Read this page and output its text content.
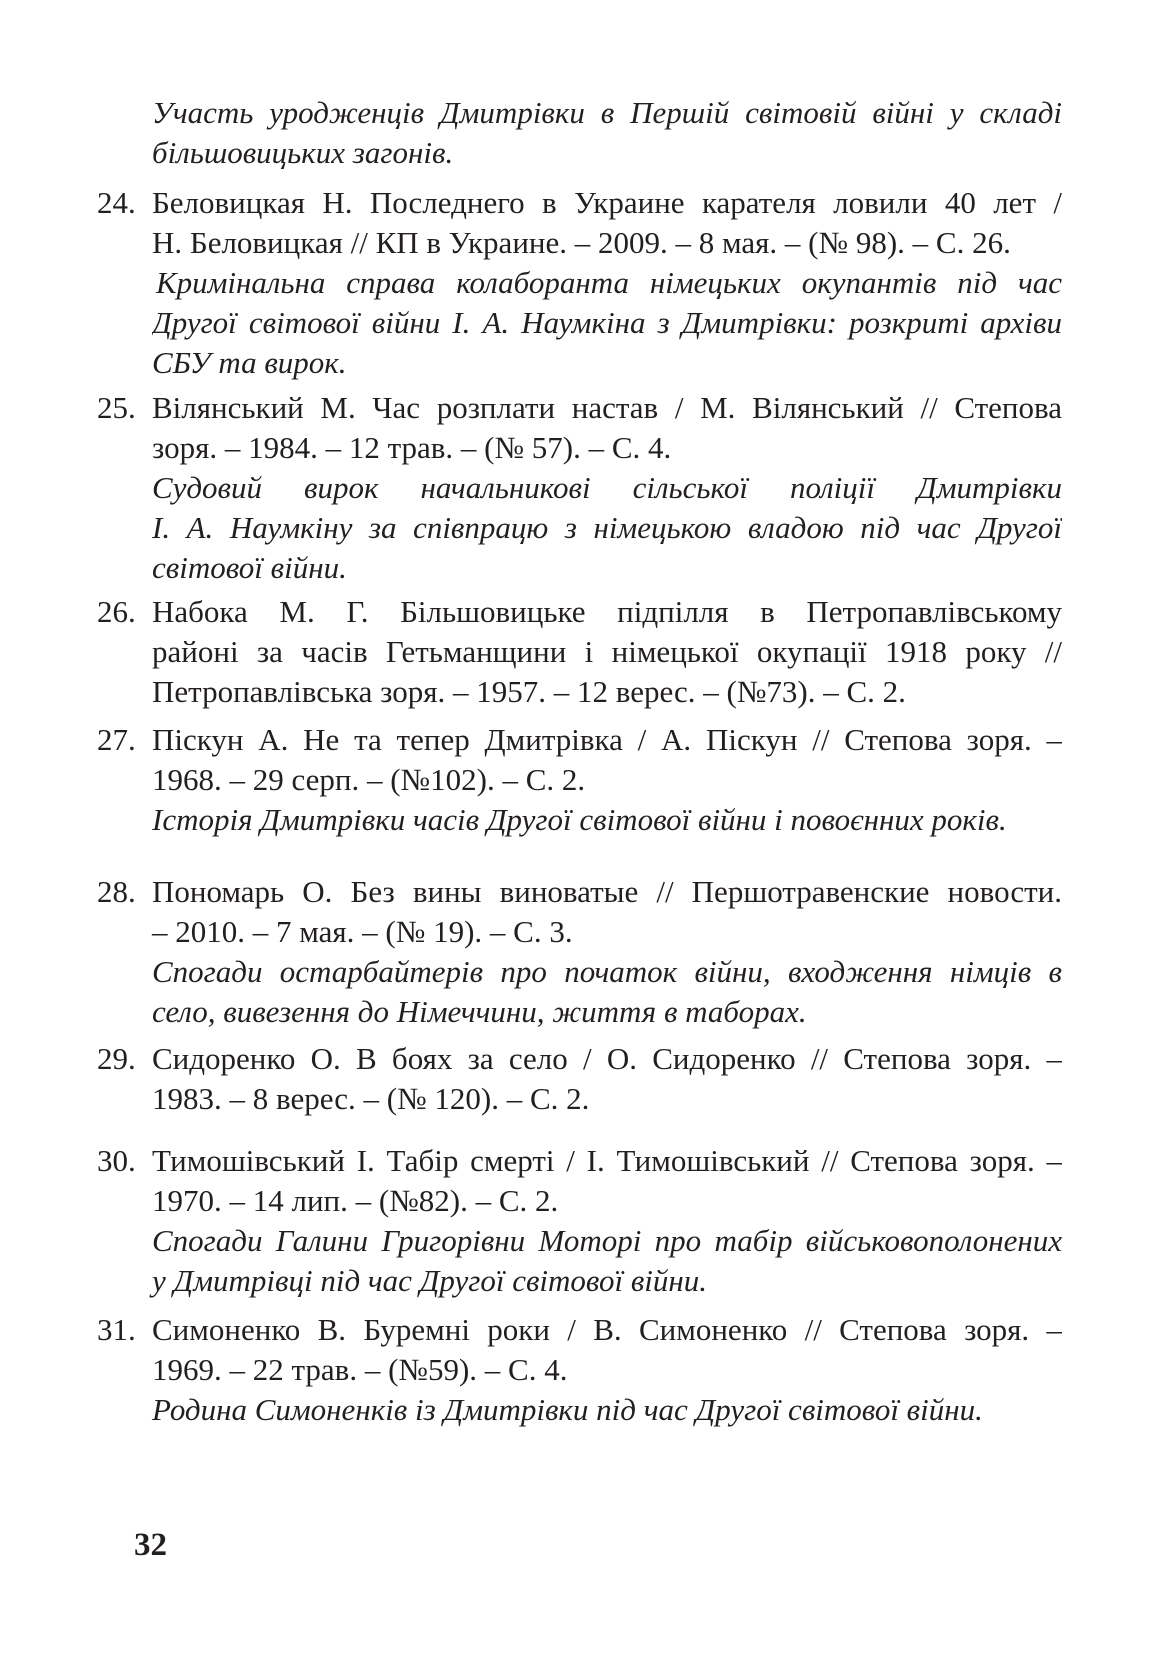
Участь уродженців Дмитрівки в Першій світовій війні у складі
більшовицьких загонів.
24. Беловицкая Н. Последнего в Украине карателя ловили 40 лет /
Н. Беловицкая // КП в Украине. – 2009. – 8 мая. – (№ 98). – С. 26.
Кримінальна справа колаборанта німецьких окупантів під час
Другої світової війни І. А. Наумкіна з Дмитрівки: розкриті архіви
СБУ та вирок.
25. Вілянський М. Час розплати настав / М. Вілянський // Степова
зоря. – 1984. – 12 трав. – (№ 57). – С. 4.
Судовий вирок начальникові сільської поліції Дмитрівки
І. А. Наумкіну за співпрацю з німецькою владою під час Другої
світової війни.
26. Набока М. Г. Більшовицьке підпілля в Петропавлівському
районі за часів Гетьманщини і німецької окупації 1918 року //
Петропавлівська зоря. – 1957. – 12 верес. – (№73). – С. 2.
27. Піскун А. Не та тепер Дмитрівка / А. Піскун // Степова зоря. –
1968. – 29 серп. – (№102). – С. 2.
Історія Дмитрівки часів Другої світової війни і повоєнних років.
28. Пономарь О. Без вины виноватые // Першотравенские новости.
– 2010. – 7 мая. – (№ 19). – С. 3.
Спогади остарбайтерів про початок війни, входження німців в
село, вивезення до Німеччини, життя в таборах.
29. Сидоренко О. В боях за село / О. Сидоренко // Степова зоря. –
1983. – 8 верес. – (№ 120). – С. 2.
30. Тимошівський І. Табір смерті / І. Тимошівський // Степова зоря. –
1970. – 14 лип. – (№82). – С. 2.
Спогади Галини Григорівни Моторі про табір військовополонених
у Дмитрівці під час Другої світової війни.
31. Симоненко В. Буремні роки / В. Симоненко // Степова зоря. –
1969. – 22 трав. – (№59). – С. 4.
Родина Симоненків із Дмитрівки під час Другої світової війни.
32
